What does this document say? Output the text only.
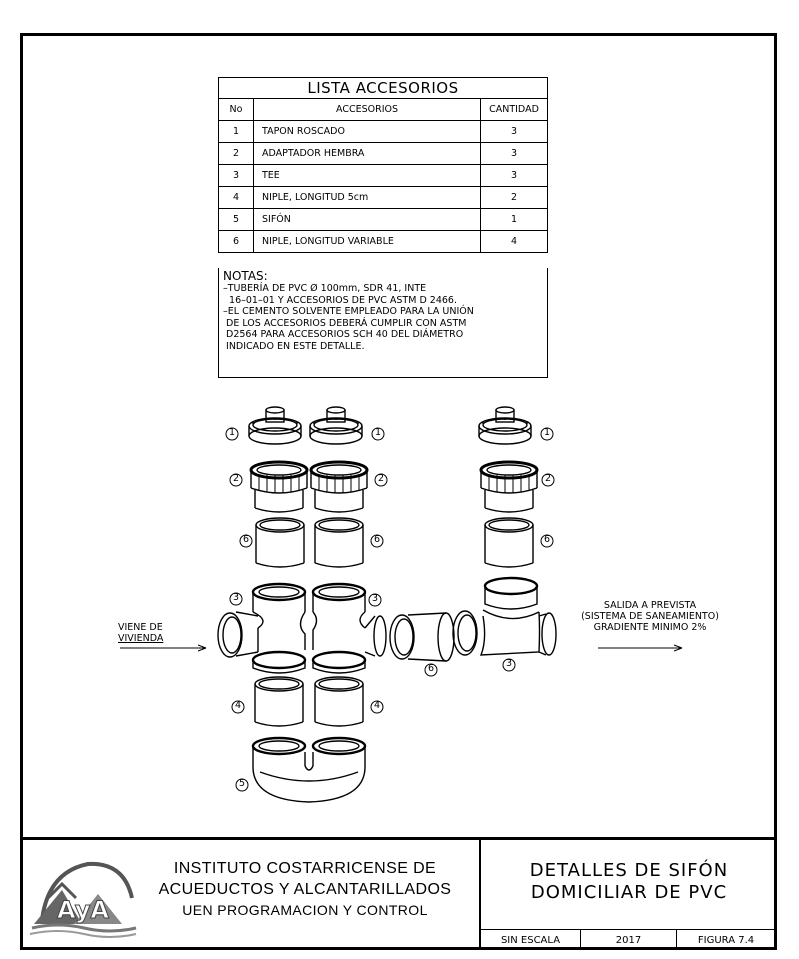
LISTA ACCESORIOS		
No	ACCESORIOS	CANTIDAD
1	TAPON ROSCADO	3
2	ADAPTADOR HEMBRA	3
3	TEE	3
4	NIPLE, LONGITUD 5cm	2
5	SIFÓN	1
6	NIPLE, LONGITUD VARIABLE	4
NOTAS:
–TUBERÍA DE PVC Ø 100mm, SDR 41, INTE
16–01–01 Y ACCESORIOS DE PVC ASTM D 2466.
–EL CEMENTO SOLVENTE EMPLEADO PARA LA UNIÓN
DE LOS ACCESORIOS DEBERÁ CUMPLIR CON ASTM
D2564 PARA ACCESORIOS SCH 40 DEL DIÁMETRO
INDICADO EN ESTE DETALLE.
1	1	1
2	2	2
6	6	6
3	3
6	3
4	4
5
VIENE DE
VIVIENDA
SALIDA A PREVISTA
(SISTEMA DE SANEAMIENTO)
GRADIENTE MINIMO 2%
AyA
INSTITUTO COSTARRICENSE DE
ACUEDUCTOS Y ALCANTARILLADOS
UEN PROGRAMACION Y CONTROL
DETALLES DE SIFÓN
DOMICILIAR DE PVC
SIN ESCALA	2017	FIGURA 7.4
